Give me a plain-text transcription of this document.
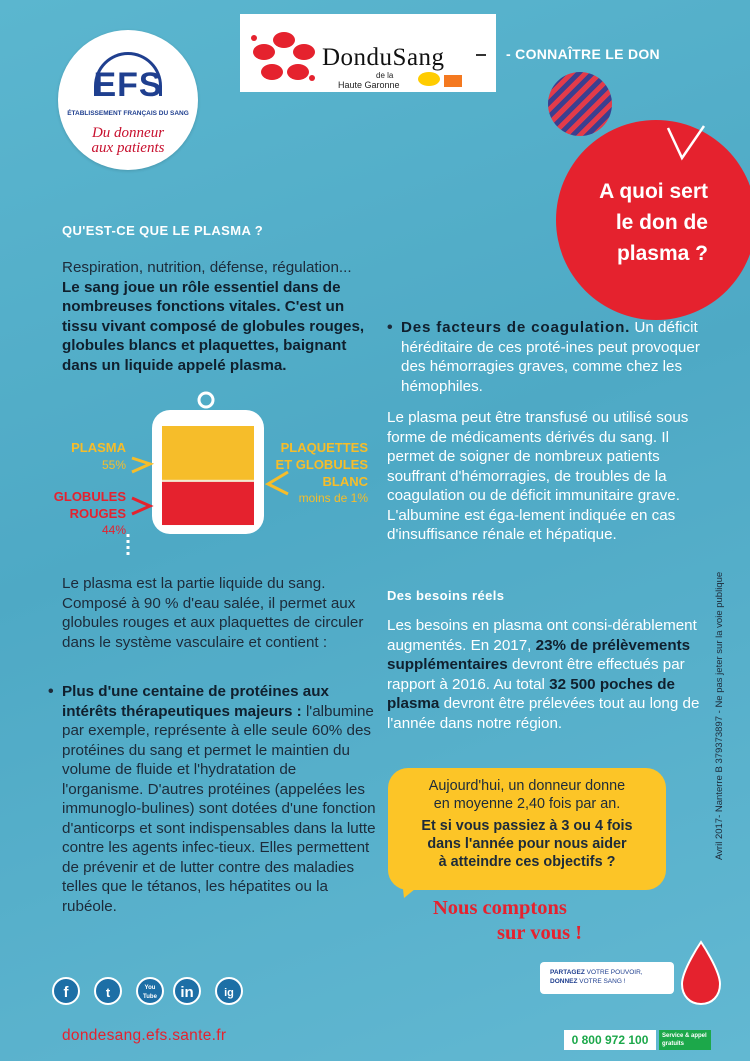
EFS
ÉTABLISSEMENT FRANÇAIS DU SANG
Du donneur
aux patients
DonduSang
de la
Haute Garonne
- CONNAÎTRE LE DON
A quoi sert
le don de
plasma ?
QU'EST-CE QUE LE PLASMA ?
Respiration, nutrition, défense, régulation...
Le sang joue un rôle essentiel dans de nombreuses fonctions vitales. C'est un tissu vivant composé de globules rouges, globules blancs et plaquettes, baignant dans un liquide appelé plasma.
PLASMA
55%
GLOBULES
ROUGES
44%
PLAQUETTES
ET GLOBULES
BLANC
moins de 1%
Le plasma est la partie liquide du sang. Composé à 90 % d'eau salée, il permet aux globules rouges et aux plaquettes de circuler dans le système vasculaire et contient :
• Plus d'une centaine de protéines aux intérêts thérapeutiques majeurs : l'albumine par exemple, représente à elle seule 60% des protéines du sang et permet le maintien du volume de fluide et l'hydratation de l'organisme. D'autres protéines (appelées les immunoglo-bulines) sont dotées d'une fonction d'anticorps et sont indispensables dans la lutte contre les agents infec-tieux. Elles permettent de prévenir et de lutter contre des maladies telles que le tétanos, les hépatites ou la rubéole.
• Des facteurs de coagulation. Un déficit héréditaire de ces proté-ines peut provoquer des hémorragies graves, comme chez les hémophiles.
Le plasma peut être transfusé ou utilisé sous forme de médicaments dérivés du sang. Il permet de soigner de nombreux patients souffrant d'hémorragies, de troubles de la coagulation ou de déficit immunitaire grave. L'albumine est éga-lement indiquée en cas d'insuffisance rénale et hépatique.
Des besoins réels
Les besoins en plasma ont consi-dérablement augmentés. En 2017, 23% de prélèvements supplémentaires devront être effectués par rapport à 2016. Au total 32 500 poches de plasma devront être prélevées tout au long de l'année dans notre région.
Aujourd'hui, un donneur donne
en moyenne 2,40 fois par an.
Et si vous passiez à 3 ou 4 fois
dans l'année pour nous aider
à atteindre ces objectifs ?
Nous comptons
sur vous !
Avril 2017- Nanterre B 379373897 - Ne pas jeter sur la voie publique
f	t	You Tube	in	ig
PARTAGEZ VOTRE POUVOIR,
DONNEZ VOTRE SANG !
dondesang.efs.sante.fr	0 800 972 100	Service & appel gratuits
